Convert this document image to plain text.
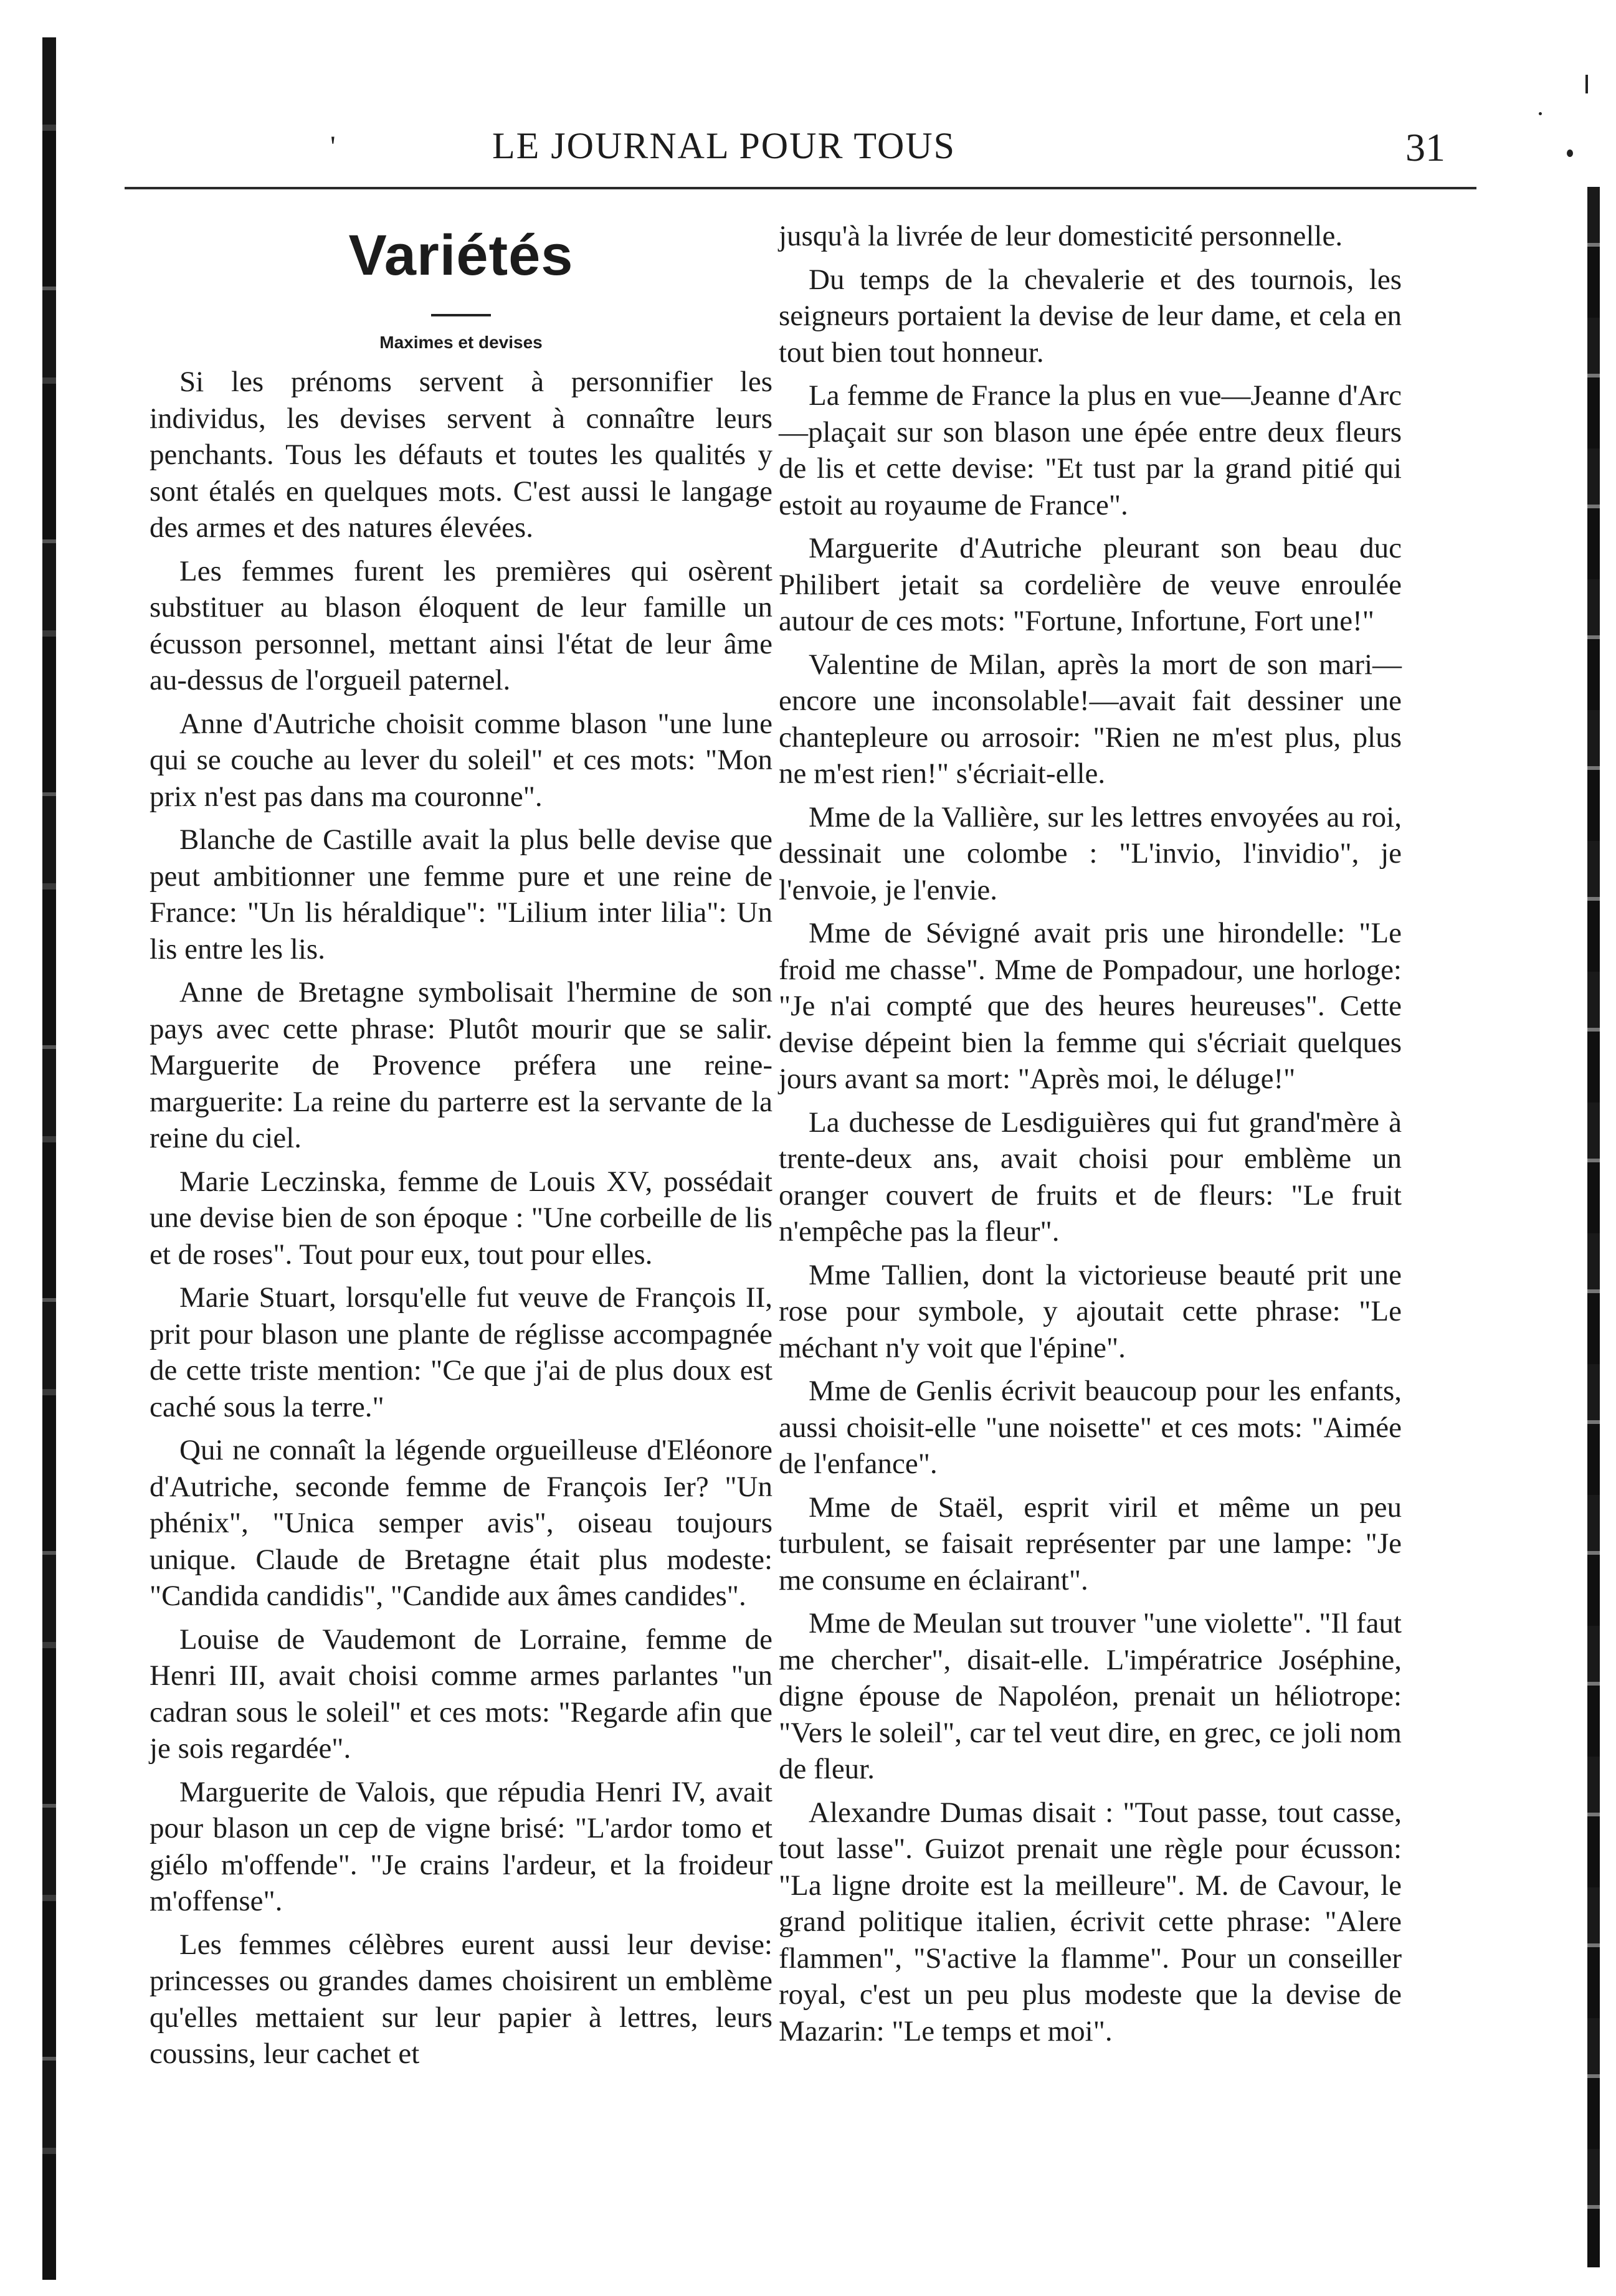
'	LE JOURNAL POUR TOUS	31
Variétés
Maximes et devises

Si les prénoms servent à personnifier les individus, les devises servent à connaître leurs penchants. Tous les défauts et toutes les qualités y sont étalés en quelques mots. C'est aussi le langage des armes et des natures élevées.

Les femmes furent les premières qui osèrent substituer au blason éloquent de leur famille un écusson personnel, mettant ainsi l'état de leur âme au-dessus de l'orgueil paternel.

Anne d'Autriche choisit comme blason "une lune qui se couche au lever du soleil" et ces mots: "Mon prix n'est pas dans ma couronne".

Blanche de Castille avait la plus belle devise que peut ambitionner une femme pure et une reine de France: "Un lis héraldique": "Lilium inter lilia": Un lis entre les lis.

Anne de Bretagne symbolisait l'hermine de son pays avec cette phrase: Plutôt mourir que se salir. Marguerite de Provence préfera une reine-marguerite: La reine du parterre est la servante de la reine du ciel.

Marie Leczinska, femme de Louis XV, possédait une devise bien de son époque : "Une corbeille de lis et de roses". Tout pour eux, tout pour elles.

Marie Stuart, lorsqu'elle fut veuve de François II, prit pour blason une plante de réglisse accompagnée de cette triste mention: "Ce que j'ai de plus doux est caché sous la terre."

Qui ne connaît la légende orgueilleuse d'Eléonore d'Autriche, seconde femme de François Ier? "Un phénix", "Unica semper avis", oiseau toujours unique. Claude de Bretagne était plus modeste: "Candida candidis", "Candide aux âmes candides".

Louise de Vaudemont de Lorraine, femme de Henri III, avait choisi comme armes parlantes "un cadran sous le soleil" et ces mots: "Regarde afin que je sois regardée".

Marguerite de Valois, que répudia Henri IV, avait pour blason un cep de vigne brisé: "L'ardor tomo et giélo m'offende". "Je crains l'ardeur, et la froideur m'offense".

Les femmes célèbres eurent aussi leur devise: princesses ou grandes dames choisirent un emblème qu'elles mettaient sur leur papier à lettres, leurs coussins, leur cachet et

jusqu'à la livrée de leur domesticité personnelle.

Du temps de la chevalerie et des tournois, les seigneurs portaient la devise de leur dame, et cela en tout bien tout honneur.

La femme de France la plus en vue—Jeanne d'Arc—plaçait sur son blason une épée entre deux fleurs de lis et cette devise: "Et tust par la grand pitié qui estoit au royaume de France".

Marguerite d'Autriche pleurant son beau duc Philibert jetait sa cordelière de veuve enroulée autour de ces mots: "Fortune, Infortune, Fort une!"

Valentine de Milan, après la mort de son mari—encore une inconsolable!—avait fait dessiner une chantepleure ou arrosoir: "Rien ne m'est plus, plus ne m'est rien!" s'écriait-elle.

Mme de la Vallière, sur les lettres envoyées au roi, dessinait une colombe : "L'invio, l'invidio", je l'envoie, je l'envie.

Mme de Sévigné avait pris une hirondelle: "Le froid me chasse". Mme de Pompadour, une horloge: "Je n'ai compté que des heures heureuses". Cette devise dépeint bien la femme qui s'écriait quelques jours avant sa mort: "Après moi, le déluge!"

La duchesse de Lesdiguières qui fut grand'mère à trente-deux ans, avait choisi pour emblème un oranger couvert de fruits et de fleurs: "Le fruit n'empêche pas la fleur".

Mme Tallien, dont la victorieuse beauté prit une rose pour symbole, y ajoutait cette phrase: "Le méchant n'y voit que l'épine".

Mme de Genlis écrivit beaucoup pour les enfants, aussi choisit-elle "une noisette" et ces mots: "Aimée de l'enfance".

Mme de Staël, esprit viril et même un peu turbulent, se faisait représenter par une lampe: "Je me consume en éclairant".

Mme de Meulan sut trouver "une violette". "Il faut me chercher", disait-elle. L'impératrice Joséphine, digne épouse de Napoléon, prenait un héliotrope: "Vers le soleil", car tel veut dire, en grec, ce joli nom de fleur.

Alexandre Dumas disait : "Tout passe, tout casse, tout lasse". Guizot prenait une règle pour écusson: "La ligne droite est la meilleure". M. de Cavour, le grand politique italien, écrivit cette phrase: "Alere flammen", "S'active la flamme". Pour un conseiller royal, c'est un peu plus modeste que la devise de Mazarin: "Le temps et moi".
